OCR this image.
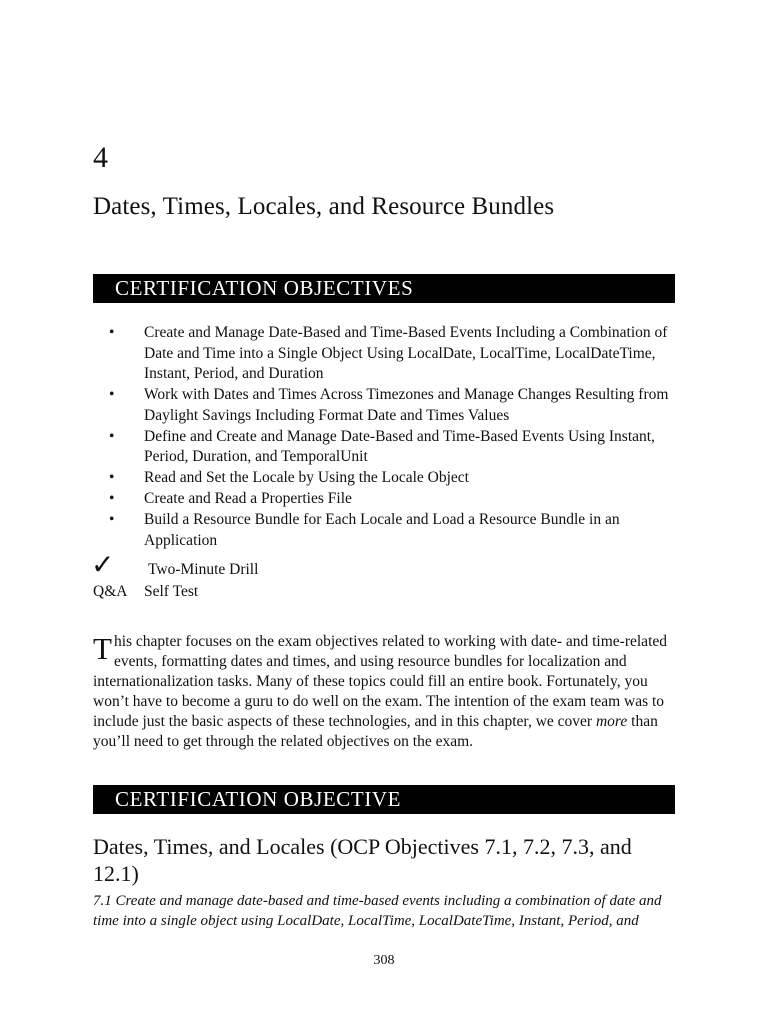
4
Dates, Times, Locales, and Resource Bundles
CERTIFICATION OBJECTIVES
• Create and Manage Date-Based and Time-Based Events Including a Combination of Date and Time into a Single Object Using LocalDate, LocalTime, LocalDateTime, Instant, Period, and Duration
• Work with Dates and Times Across Timezones and Manage Changes Resulting from Daylight Savings Including Format Date and Times Values
• Define and Create and Manage Date-Based and Time-Based Events Using Instant, Period, Duration, and TemporalUnit
• Read and Set the Locale by Using the Locale Object
• Create and Read a Properties File
• Build a Resource Bundle for Each Locale and Load a Resource Bundle in an Application
✓ Two-Minute Drill
Q&A Self Test

This chapter focuses on the exam objectives related to working with date- and time-related events, formatting dates and times, and using resource bundles for localization and internationalization tasks. Many of these topics could fill an entire book. Fortunately, you won’t have to become a guru to do well on the exam. The intention of the exam team was to include just the basic aspects of these technologies, and in this chapter, we cover more than you’ll need to get through the related objectives on the exam.

CERTIFICATION OBJECTIVE
Dates, Times, and Locales (OCP Objectives 7.1, 7.2, 7.3, and 12.1)

7.1 Create and manage date-based and time-based events including a combination of date and time into a single object using LocalDate, LocalTime, LocalDateTime, Instant, Period, and

308
